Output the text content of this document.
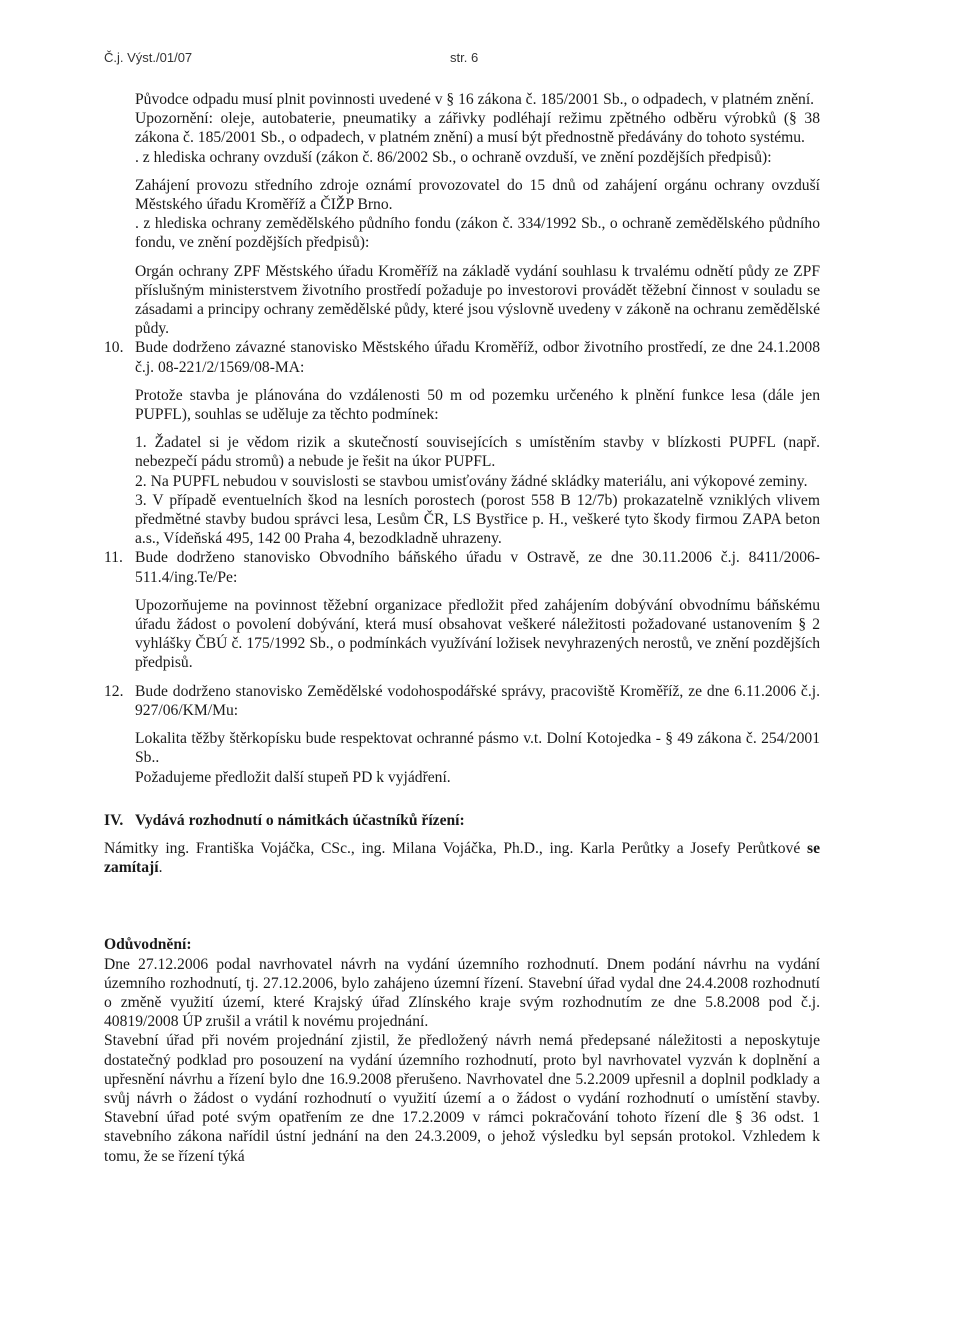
Č.j. Výst./01/07	str. 6

Původce odpadu musí plnit povinnosti uvedené v § 16 zákona č. 185/2001 Sb., o odpadech, v platném znění.

Upozornění: oleje, autobaterie, pneumatiky a zářivky podléhají režimu zpětného odběru výrobků (§ 38 zákona č. 185/2001 Sb., o odpadech, v platném znění) a musí být přednostně předávány do tohoto systému.

. z hlediska ochrany ovzduší (zákon č. 86/2002 Sb., o ochraně ovzduší, ve znění pozdějších předpisů):

Zahájení provozu středního zdroje oznámí provozovatel do 15 dnů od zahájení orgánu ochrany ovzduší Městského úřadu Kroměříž a ČIŽP Brno.

. z hlediska ochrany zemědělského půdního fondu (zákon č. 334/1992 Sb., o ochraně zemědělského půdního fondu, ve znění pozdějších předpisů):

Orgán ochrany ZPF Městského úřadu Kroměříž na základě vydání souhlasu k trvalému odnětí půdy ze ZPF příslušným ministerstvem životního prostředí požaduje po investorovi provádět těžební činnost v souladu se zásadami a principy ochrany zemědělské půdy, které jsou výslovně uvedeny v zákoně na ochranu zemědělské půdy.

10. Bude dodrženo závazné stanovisko Městského úřadu Kroměříž, odbor životního prostředí, ze dne 24.1.2008 č.j. 08-221/2/1569/08-MA:

Protože stavba je plánována do vzdálenosti 50 m od pozemku určeného k plnění funkce lesa (dále jen PUPFL), souhlas se uděluje za těchto podmínek:

1. Žadatel si je vědom rizik a skutečností souvisejících s umístěním stavby v blízkosti PUPFL (např. nebezpečí pádu stromů) a nebude je řešit na úkor PUPFL.

2. Na PUPFL nebudou v souvislosti se stavbou umisťovány žádné skládky materiálu, ani výkopové zeminy.

3. V případě eventuelních škod na lesních porostech (porost 558 B 12/7b) prokazatelně vzniklých vlivem předmětné stavby budou správci lesa, Lesům ČR, LS Bystřice p. H., veškeré tyto škody firmou ZAPA beton a.s., Vídeňská 495, 142 00 Praha 4, bezodkladně uhrazeny.

11. Bude dodrženo stanovisko Obvodního báňského úřadu v Ostravě, ze dne 30.11.2006 č.j. 8411/2006-511.4/ing.Te/Pe:

Upozorňujeme na povinnost těžební organizace předložit před zahájením dobývání obvodnímu báňskému úřadu žádost o povolení dobývání, která musí obsahovat veškeré náležitosti požadované ustanovením § 2 vyhlášky ČBÚ č. 175/1992 Sb., o podmínkách využívání ložisek nevyhrazených nerostů, ve znění pozdějších předpisů.

12. Bude dodrženo stanovisko Zemědělské vodohospodářské správy, pracoviště Kroměříž, ze dne 6.11.2006 č.j. 927/06/KM/Mu:

Lokalita těžby štěrkopísku bude respektovat ochranné pásmo v.t. Dolní Kotojedka - § 49 zákona č. 254/2001 Sb..

Požadujeme předložit další stupeň PD k vyjádření.

IV. Vydává rozhodnutí o námitkách účastníků řízení:

Námitky ing. Františka Vojáčka, CSc., ing. Milana Vojáčka, Ph.D., ing. Karla Perůtky a Josefy Perůtkové se zamítají.

Odůvodnění:

Dne 27.12.2006 podal navrhovatel návrh na vydání územního rozhodnutí. Dnem podání návrhu na vydání územního rozhodnutí, tj. 27.12.2006, bylo zahájeno územní řízení. Stavební úřad vydal dne 24.4.2008 rozhodnutí o změně využití území, které Krajský úřad Zlínského kraje svým rozhodnutím ze dne 5.8.2008 pod č.j. 40819/2008 ÚP zrušil a vrátil k novému projednání.

Stavební úřad při novém projednání zjistil, že předložený návrh nemá předepsané náležitosti a neposkytuje dostatečný podklad pro posouzení na vydání územního rozhodnutí, proto byl navrhovatel vyzván k doplnění a upřesnění návrhu a řízení bylo dne 16.9.2008 přerušeno. Navrhovatel dne 5.2.2009 upřesnil a doplnil podklady a svůj návrh o žádost o vydání rozhodnutí o využití území a o žádost o vydání rozhodnutí o umístění stavby. Stavební úřad poté svým opatřením ze dne 17.2.2009 v rámci pokračování tohoto řízení dle § 36 odst. 1 stavebního zákona nařídil ústní jednání na den 24.3.2009, o jehož výsledku byl sepsán protokol. Vzhledem k tomu, že se řízení týká
